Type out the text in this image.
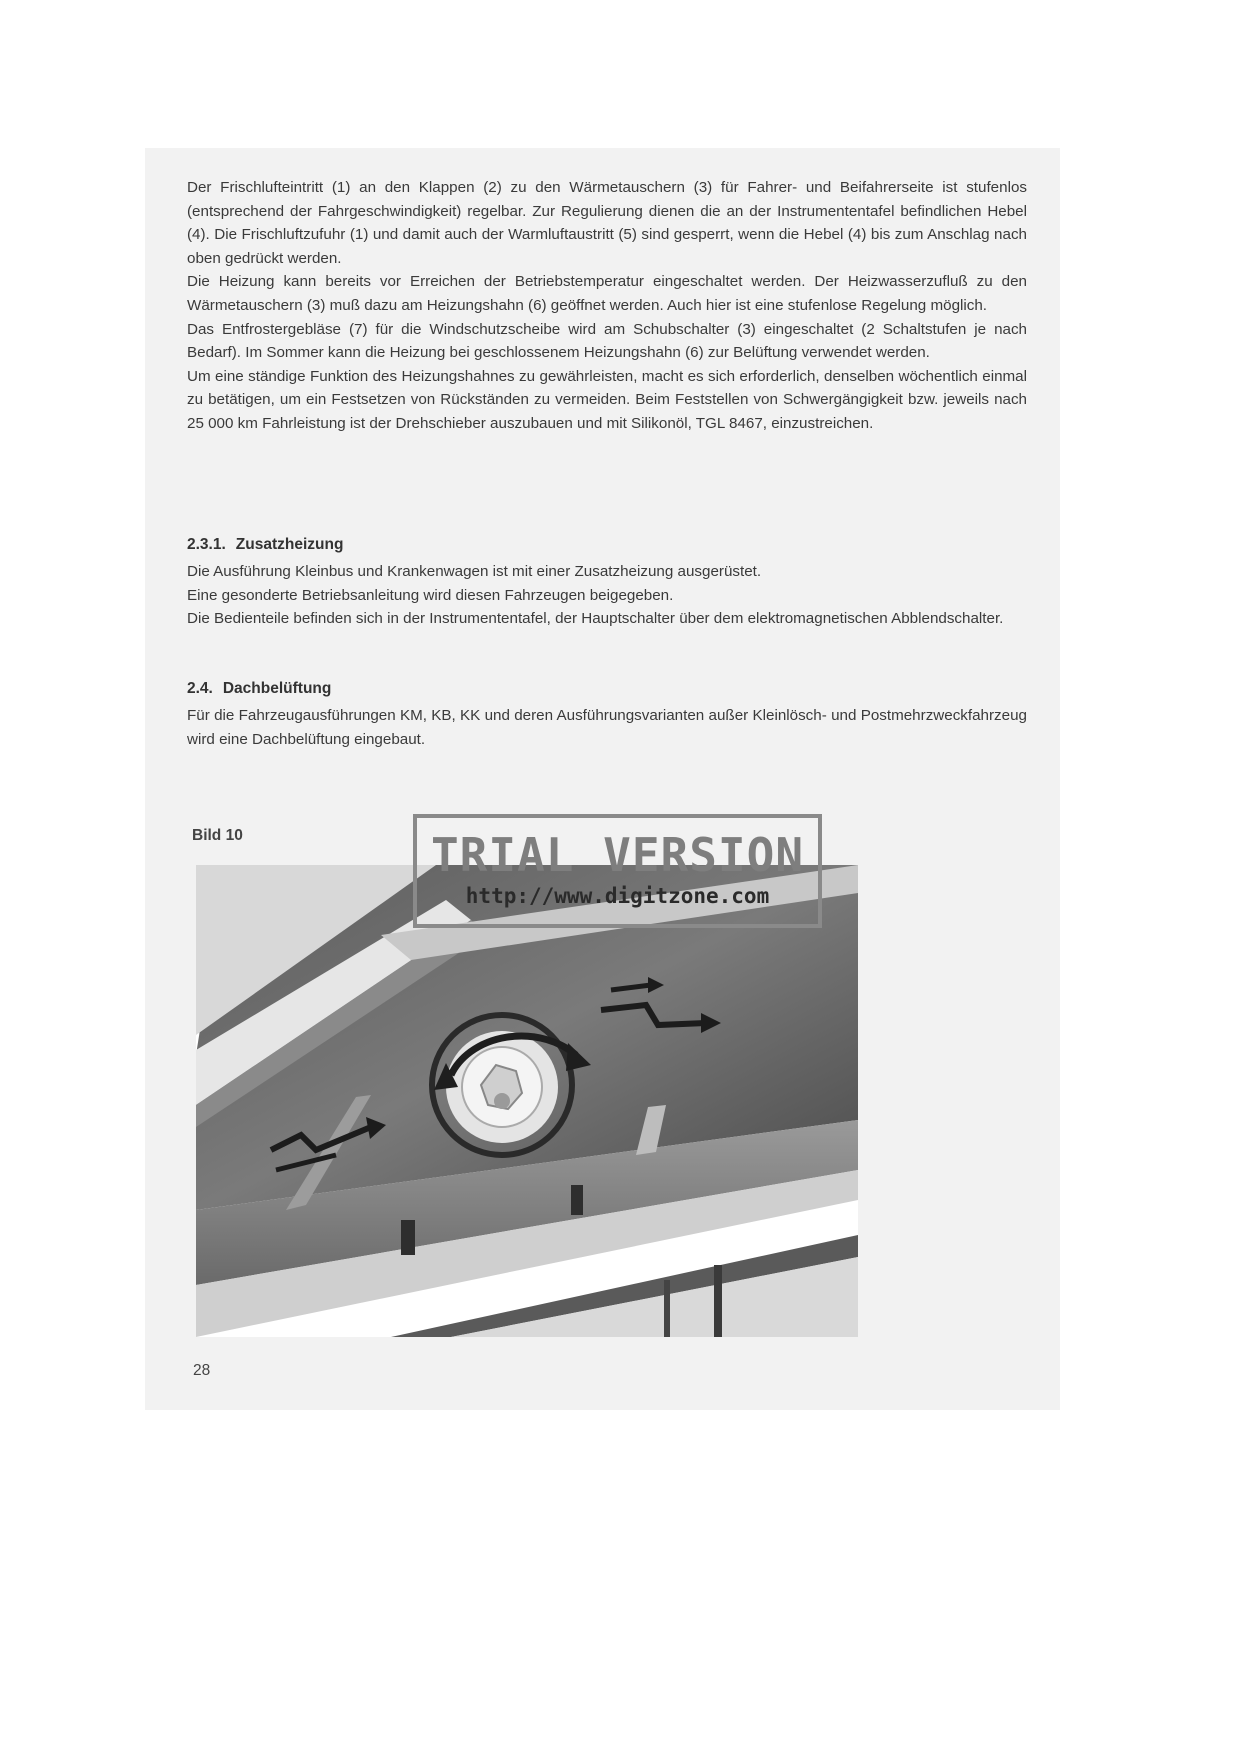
Der Frischlufteintritt (1) an den Klappen (2) zu den Wärmetauschern (3) für Fahrer- und Beifahrerseite ist stufenlos (entsprechend der Fahrgeschwindigkeit) regelbar. Zur Regulierung dienen die an der Instrumententafel befindlichen Hebel (4). Die Frischluftzufuhr (1) und damit auch der Warmluftaustritt (5) sind gesperrt, wenn die Hebel (4) bis zum Anschlag nach oben gedrückt werden.

Die Heizung kann bereits vor Erreichen der Betriebstemperatur eingeschaltet werden. Der Heizwasserzufluß zu den Wärmetauschern (3) muß dazu am Heizungshahn (6) geöffnet werden. Auch hier ist eine stufenlose Regelung möglich.

Das Entfrostergebläse (7) für die Windschutzscheibe wird am Schubschalter (3) eingeschaltet (2 Schaltstufen je nach Bedarf). Im Sommer kann die Heizung bei geschlossenem Heizungshahn (6) zur Belüftung verwendet werden.

Um eine ständige Funktion des Heizungshahnes zu gewährleisten, macht es sich erforderlich, denselben wöchentlich einmal zu betätigen, um ein Festsetzen von Rückständen zu vermeiden. Beim Feststellen von Schwergängigkeit bzw. jeweils nach 25 000 km Fahrleistung ist der Drehschieber auszubauen und mit Silikonöl, TGL 8467, einzustreichen.

2.3.1. Zusatzheizung

Die Ausführung Kleinbus und Krankenwagen ist mit einer Zusatzheizung ausgerüstet.

Eine gesonderte Betriebsanleitung wird diesen Fahrzeugen beigegeben.

Die Bedienteile befinden sich in der Instrumententafel, der Hauptschalter über dem elektromagnetischen Abblendschalter.

2.4. Dachbelüftung

Für die Fahrzeugausführungen KM, KB, KK und deren Ausführungsvarianten außer Kleinlösch- und Postmehrzweckfahrzeug wird eine Dachbelüftung eingebaut.

Bild 10	TRIAL VERSION
http://www.digitzone.com
28
